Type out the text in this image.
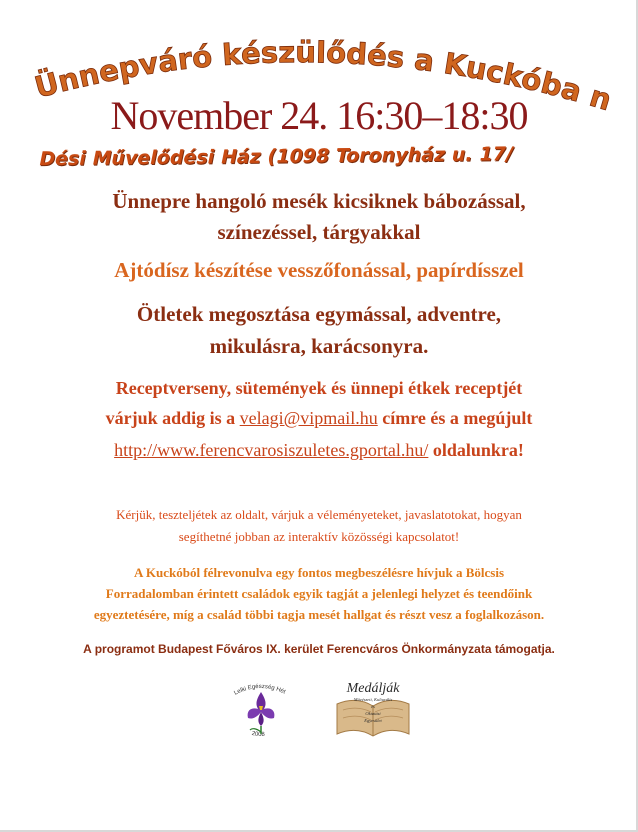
Ünnepváró készülődés a Kuckóba n
November 24. 16:30–18:30
Dési Művelődési Ház (1098 Toronyház u. 17/
Ünnepre hangoló mesék kicsiknek bábozással,
színezéssel, tárgyakkal
Ajtódísz készítése vesszőfonással, papírdísszel
Ötletek megosztása egymással, adventre,
mikulásra, karácsonyra.
Receptverseny, sütemények és ünnepi étkek receptjét
várjuk addig is a velagi@vipmail.hu címre és a megújult
http://www.ferencvarosiszuletes.gportal.hu/ oldalunkra!
Kérjük, teszteljétek az oldalt, várjuk a véleményeteket, javaslatotokat, hogyan
segíthetné jobban az interaktív közösségi kapcsolatot!
A Kuckóból félrevonulva egy fontos megbeszélésre hívjuk a Bölcsis
Forradalomban érintett családok egyik tagját a jelenlegi helyzet és teendőink
egyeztetésére, míg a család többi tagja mesét hallgat és részt vesz a foglalkozáson.
A programot Budapest Főváros IX. kerület Ferencváros Önkormányzata támogatja.
Lelki Egészség Hét
2008
Medálják
Művészeti, Kulturális
és
Oktatási
Egyesület
